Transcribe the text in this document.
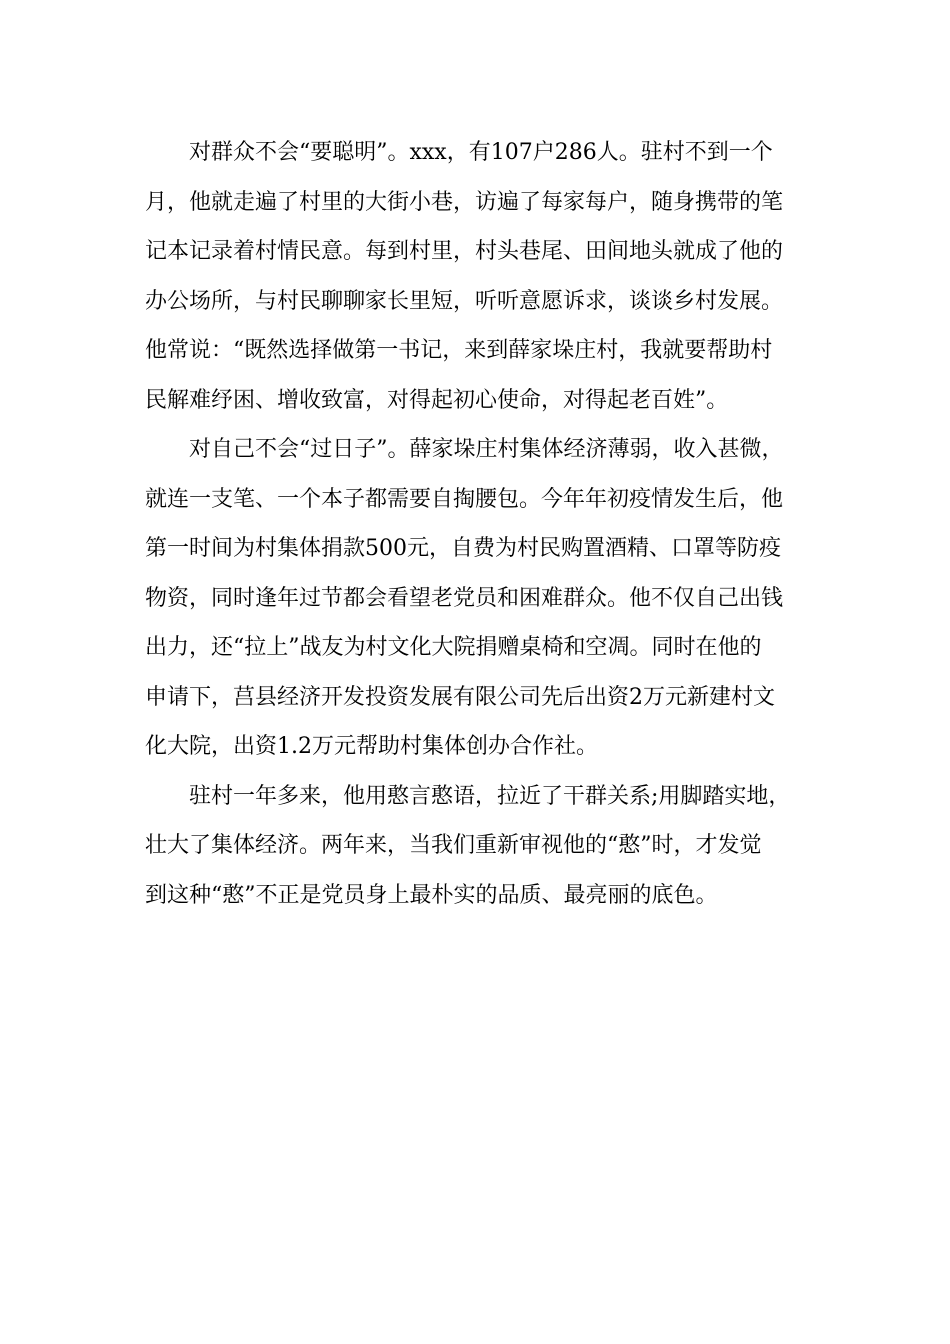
对群众不会“要聪明”。xxx，有107户286人。驻村不到一个
月，他就走遍了村里的大街小巷，访遍了每家每户，随身携带的笔
记本记录着村情民意。每到村里，村头巷尾、田间地头就成了他的
办公场所，与村民聊聊家长里短，听听意愿诉求，谈谈乡村发展。
他常说：“既然选择做第一书记，来到薛家垛庄村，我就要帮助村
民解难纾困、增收致富，对得起初心使命，对得起老百姓”。
对自己不会“过日子”。薛家垛庄村集体经济薄弱，收入甚微，
就连一支笔、一个本子都需要自掏腰包。今年年初疫情发生后，他
第一时间为村集体捐款500元，自费为村民购置酒精、口罩等防疫
物资，同时逢年过节都会看望老党员和困难群众。他不仅自己出钱
出力，还“拉上”战友为村文化大院捐赠桌椅和空凋。同时在他的
申请下，莒县经济开发投资发展有限公司先后出资2万元新建村文
化大院，出资1.2万元帮助村集体创办合作社。
驻村一年多来，他用憨言憨语，拉近了干群关系;用脚踏实地，
壮大了集体经济。两年来，当我们重新审视他的“憨”时，才发觉
到这种“憨”不正是党员身上最朴实的品质、最亮丽的底色。
